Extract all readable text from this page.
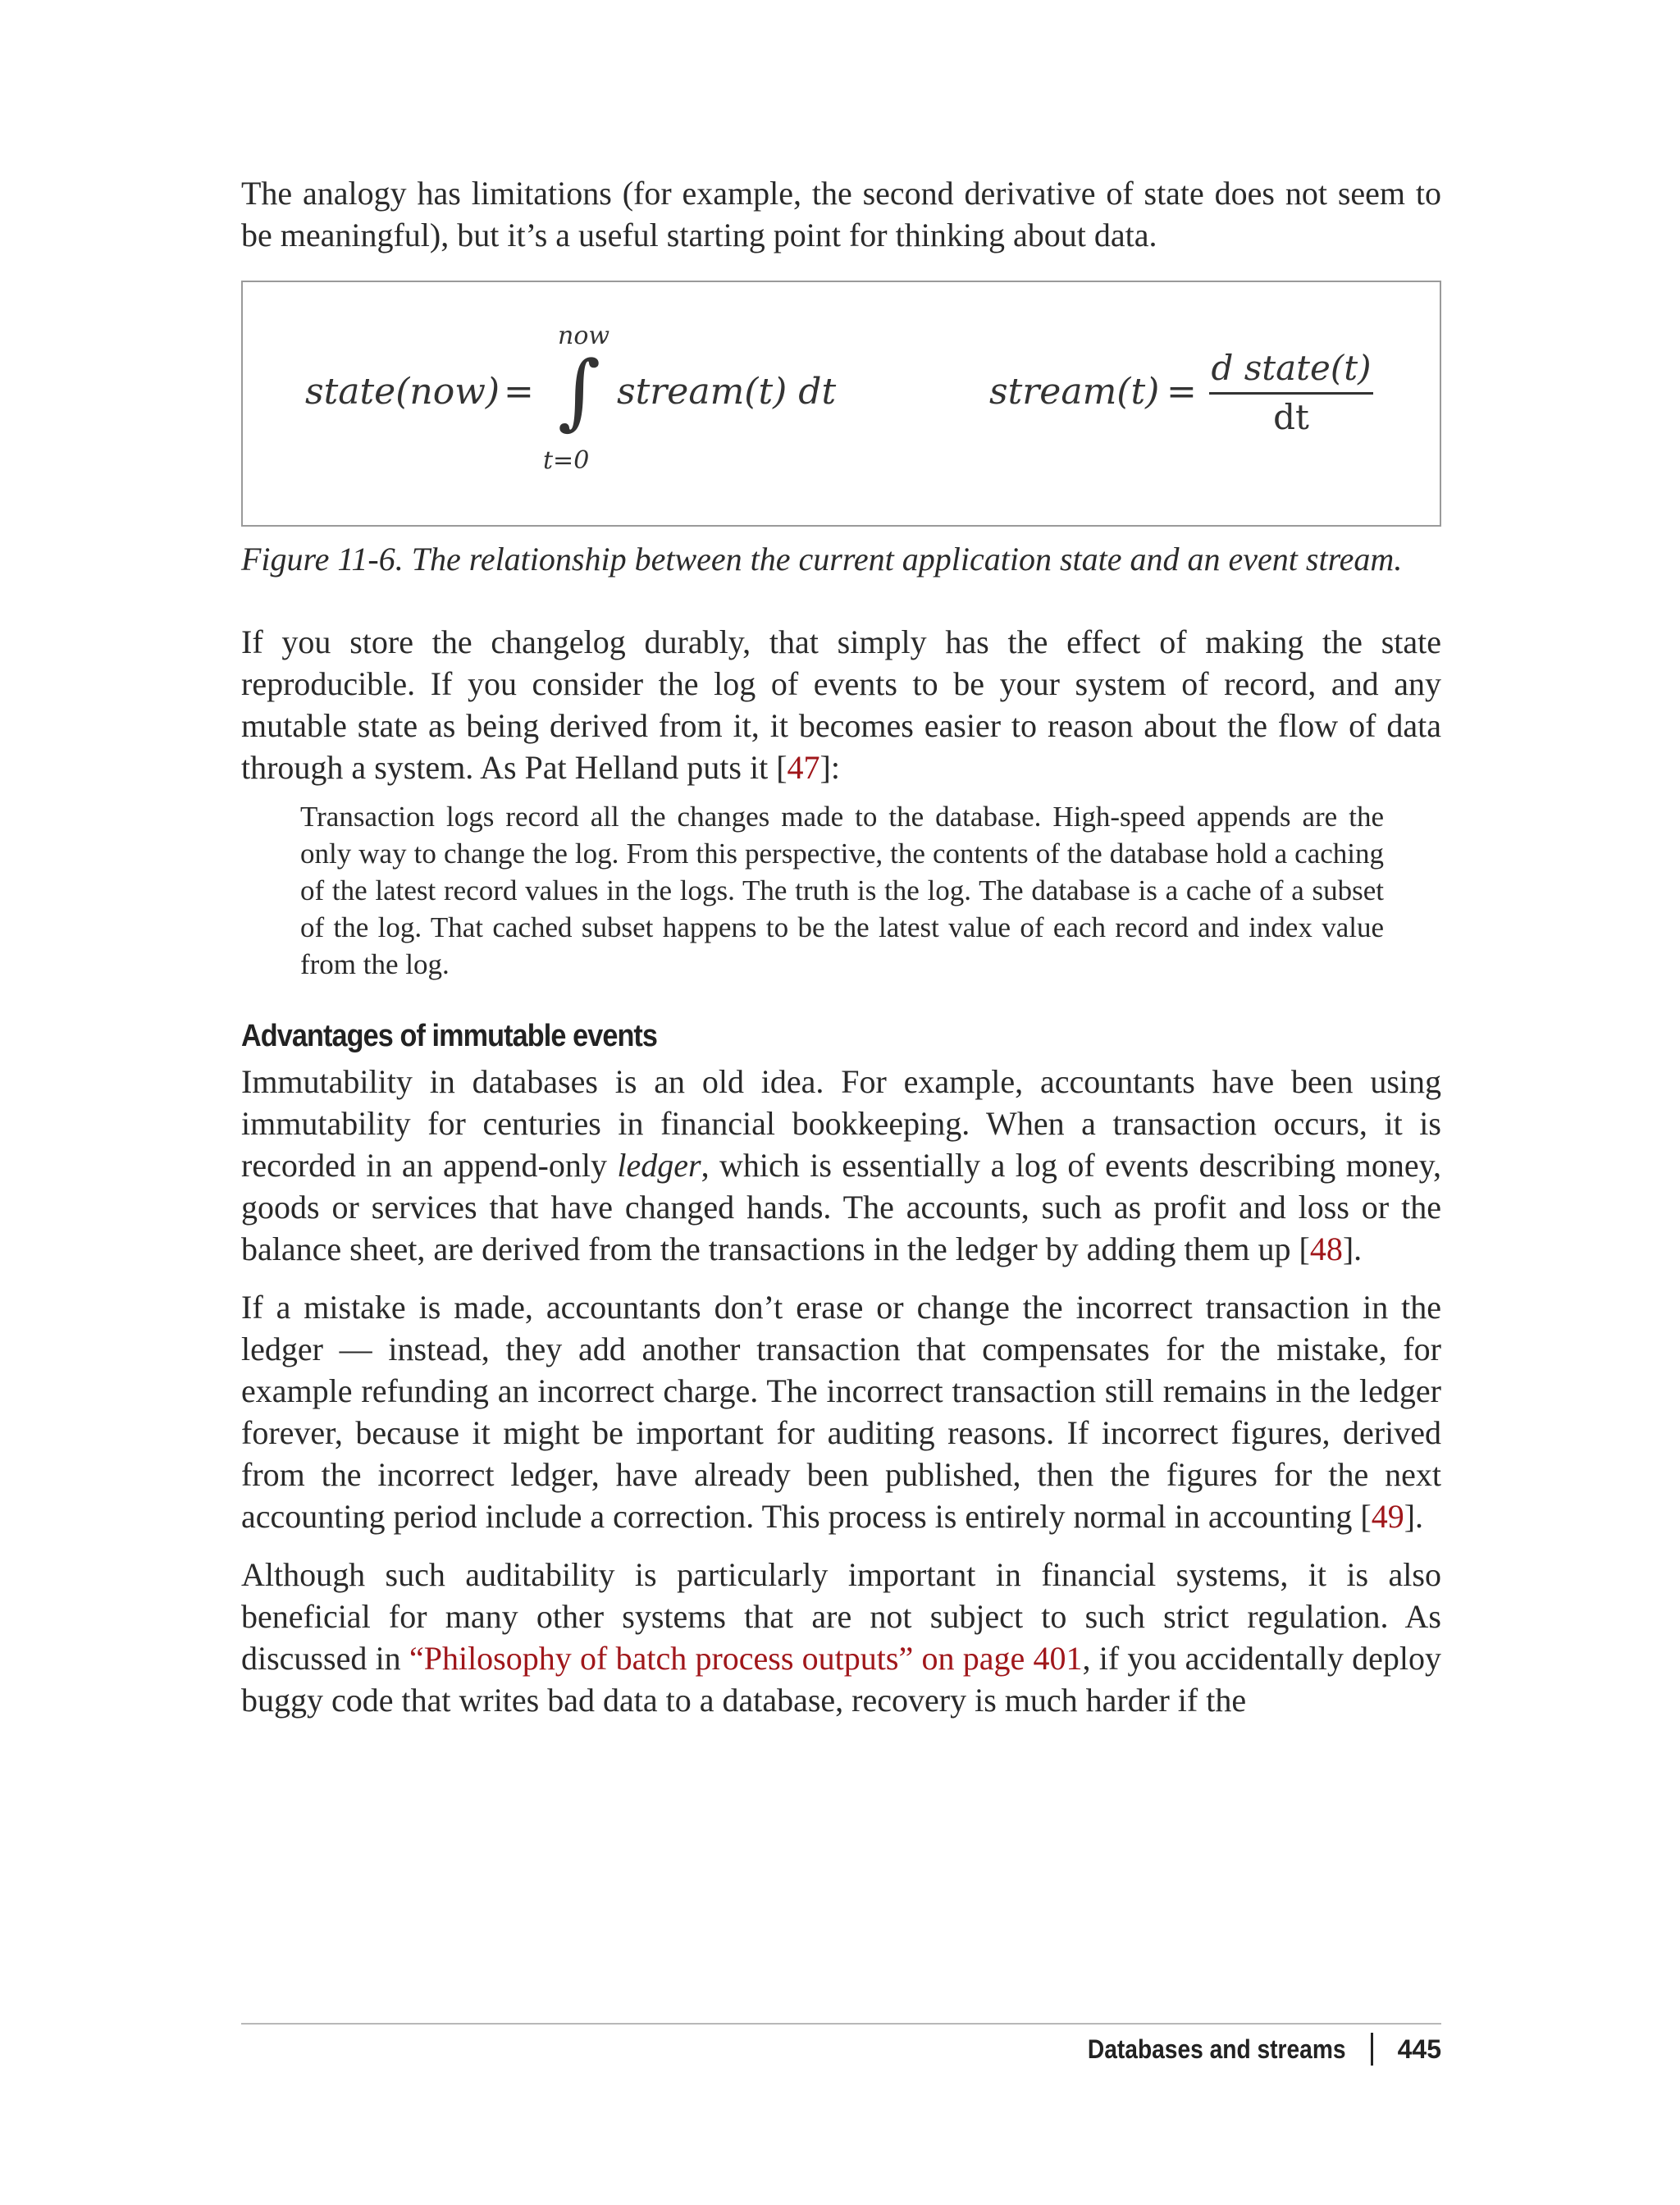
The analogy has limitations (for example, the second derivative of state does not seem to be meaningful), but it’s a useful starting point for thinking about data.

state(now) =
now
∫
t=0
stream(t) dt	stream(t) =
d state(t)
dt
Figure 11-6. The relationship between the current application state and an event stream.

If you store the changelog durably, that simply has the effect of making the state reproducible. If you consider the log of events to be your system of record, and any mutable state as being derived from it, it becomes easier to reason about the flow of data through a system. As Pat Helland puts it [47]:

Transaction logs record all the changes made to the database. High-speed appends are the only way to change the log. From this perspective, the contents of the database hold a caching of the latest record values in the logs. The truth is the log. The database is a cache of a subset of the log. That cached subset happens to be the latest value of each record and index value from the log.

Advantages of immutable events

Immutability in databases is an old idea. For example, accountants have been using immutability for centuries in financial bookkeeping. When a transaction occurs, it is recorded in an append-only ledger, which is essentially a log of events describing money, goods or services that have changed hands. The accounts, such as profit and loss or the balance sheet, are derived from the transactions in the ledger by adding them up [48].

If a mistake is made, accountants don’t erase or change the incorrect transaction in the ledger — instead, they add another transaction that compensates for the mistake, for example refunding an incorrect charge. The incorrect transaction still remains in the ledger forever, because it might be important for auditing reasons. If incorrect figures, derived from the incorrect ledger, have already been published, then the figures for the next accounting period include a correction. This process is entirely normal in accounting [49].

Although such auditability is particularly important in financial systems, it is also beneficial for many other systems that are not subject to such strict regulation. As discussed in “Philosophy of batch process outputs” on page 401, if you accidentally deploy buggy code that writes bad data to a database, recovery is much harder if the

Databases and streams 445
